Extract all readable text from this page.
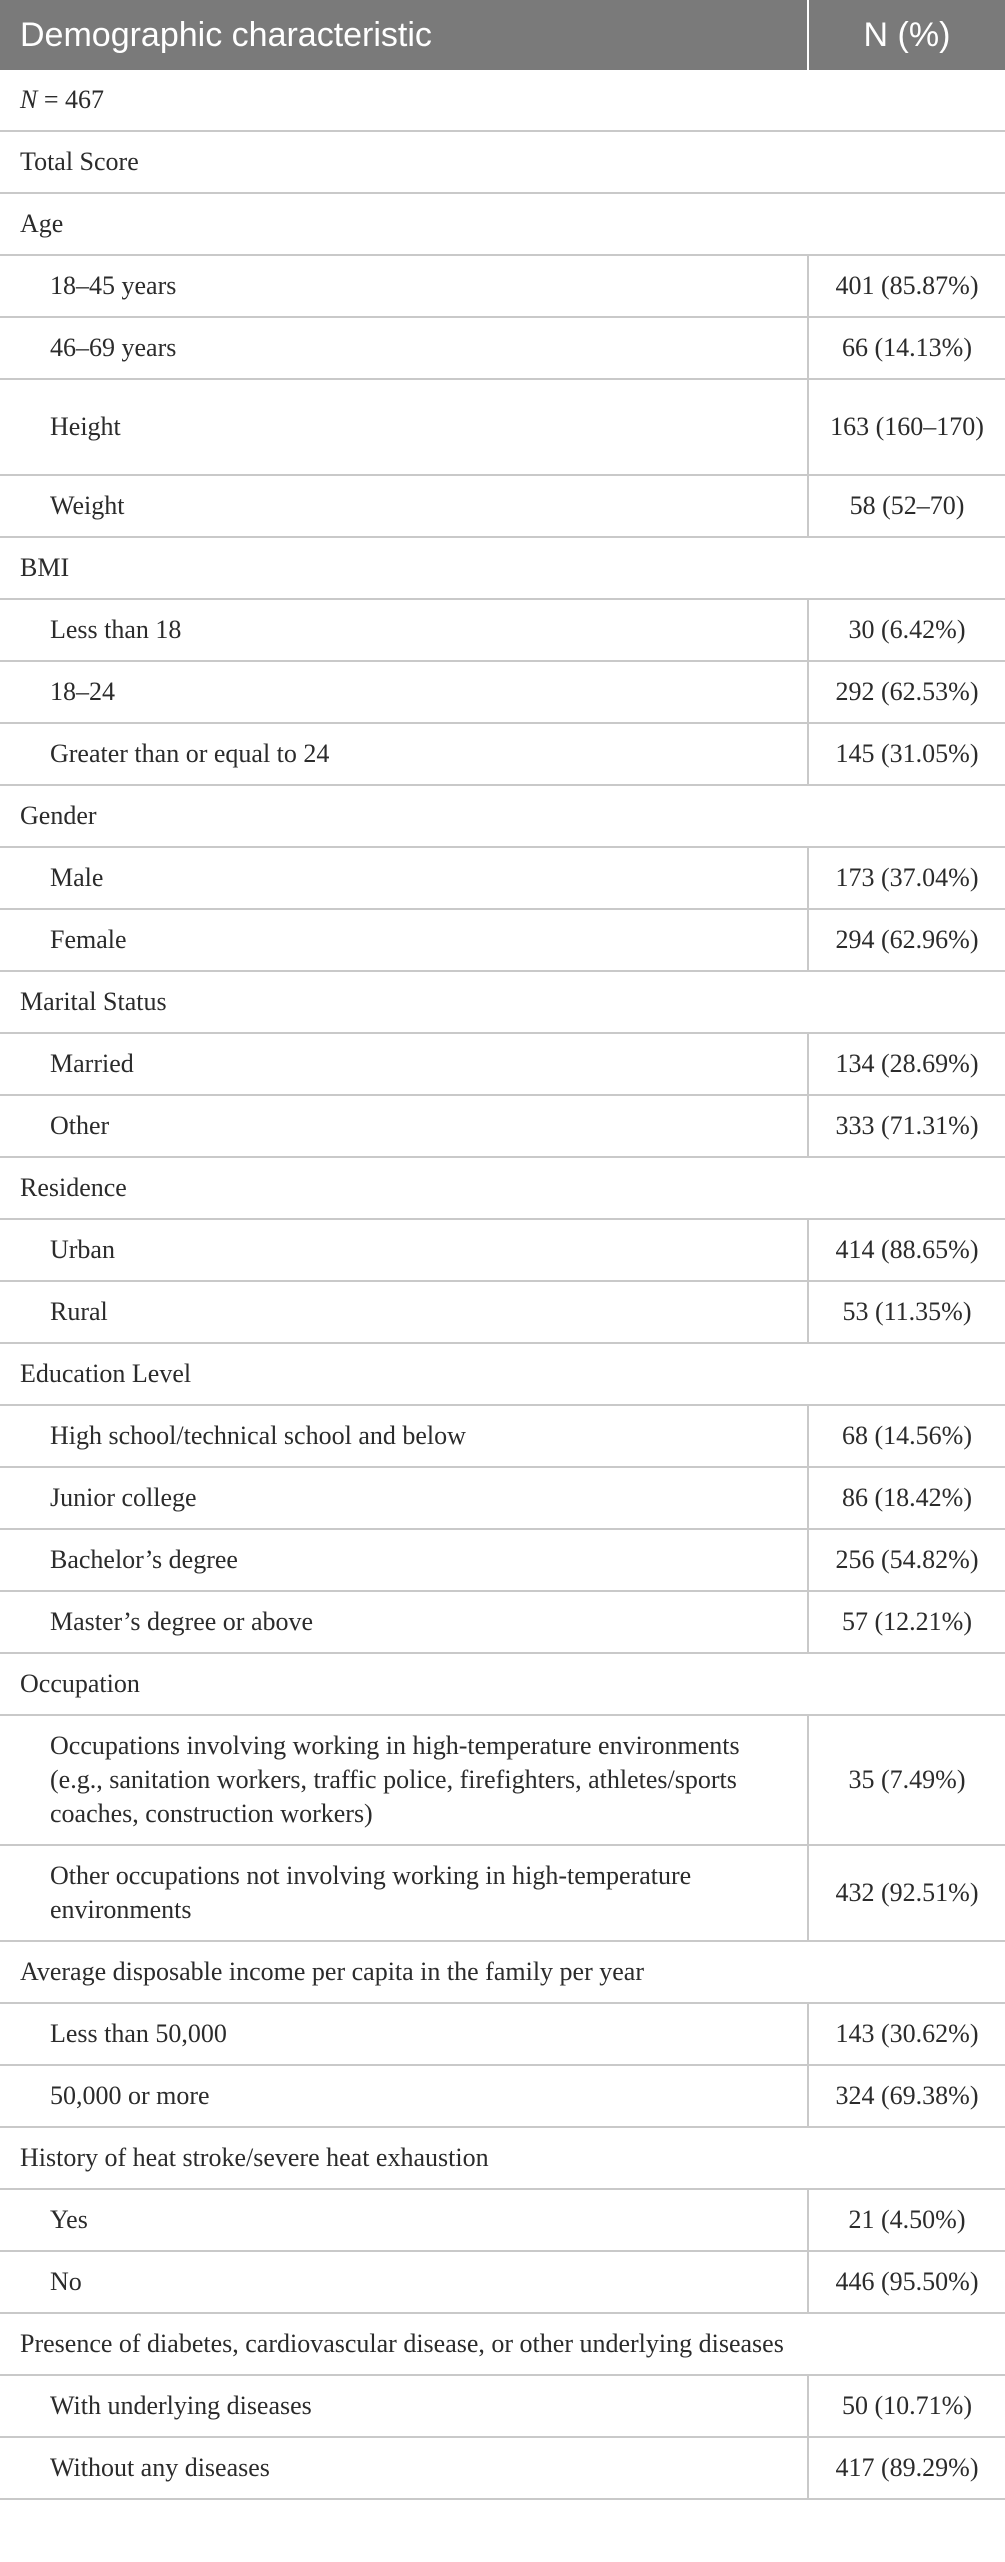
Demographic characteristic	N (%)
N = 467	
Total Score	
Age	
18–45 years	401 (85.87%)
46–69 years	66 (14.13%)
Height	163 (160–170)
Weight	58 (52–70)
BMI	
Less than 18	30 (6.42%)
18–24	292 (62.53%)
Greater than or equal to 24	145 (31.05%)
Gender	
Male	173 (37.04%)
Female	294 (62.96%)
Marital Status	
Married	134 (28.69%)
Other	333 (71.31%)
Residence	
Urban	414 (88.65%)
Rural	53 (11.35%)
Education Level	
High school/technical school and below	68 (14.56%)
Junior college	86 (18.42%)
Bachelor’s degree	256 (54.82%)
Master’s degree or above	57 (12.21%)
Occupation	
Occupations involving working in high-temperature environments (e.g., sanitation workers, traffic police, firefighters, athletes/sports coaches, construction workers)	35 (7.49%)
Other occupations not involving working in high-temperature environments	432 (92.51%)
Average disposable income per capita in the family per year	
Less than 50,000	143 (30.62%)
50,000 or more	324 (69.38%)
History of heat stroke/severe heat exhaustion	
Yes	21 (4.50%)
No	446 (95.50%)
Presence of diabetes, cardiovascular disease, or other underlying diseases	
With underlying diseases	50 (10.71%)
Without any diseases	417 (89.29%)
